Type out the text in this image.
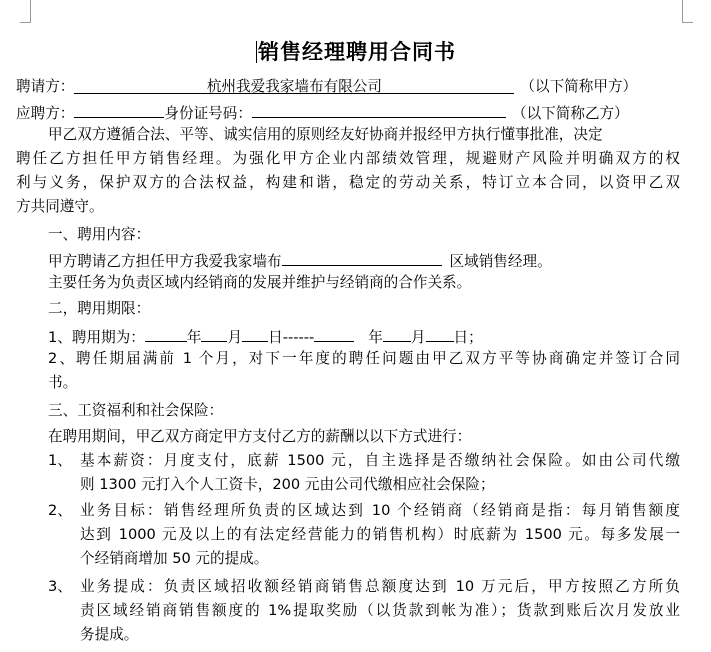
销售经理聘用合同书
聘请方：	杭州我爱我家墙布有限公司	（以下简称甲方）
应聘方：	身份证号码：	（以下简称乙方）
甲乙双方遵循合法、平等、诚实信用的原则经友好协商并报经甲方执行懂事批准，决定
聘任乙方担任甲方销售经理。为强化甲方企业内部绩效管理，规避财产风险并明确双方的权
利与义务，保护双方的合法权益，构建和谐，稳定的劳动关系，特订立本合同，以资甲乙双
方共同遵守。
一、聘用内容：
甲方聘请乙方担任甲方我爱我家墙布	区域销售经理。
主要任务为负责区域内经销商的发展并维护与经销商的合作关系。
二，聘用期限：
1、聘用期为：	年 月 日------	年 月 日；
2、聘任期届满前 1 个月，对下一年度的聘任问题由甲乙双方平等协商确定并签订合同
书。
三、工资福利和社会保险：
在聘用期间，甲乙双方商定甲方支付乙方的薪酬以以下方式进行：
1、 基本薪资：月度支付，底薪 1500 元，自主选择是否缴纳社会保险。如由公司代缴
则 1300 元打入个人工资卡，200 元由公司代缴相应社会保险；
2、 业务目标：销售经理所负责的区域达到 10 个经销商（经销商是指：每月销售额度
达到 1000 元及以上的有法定经营能力的销售机构）时底薪为 1500 元。每多发展一
个经销商增加 50 元的提成。
3、 业务提成：负责区域招收额经销商销售总额度达到 10 万元后，甲方按照乙方所负
责区域经销商销售额度的 1%提取奖励（以货款到帐为准）；货款到账后次月发放业
务提成。
